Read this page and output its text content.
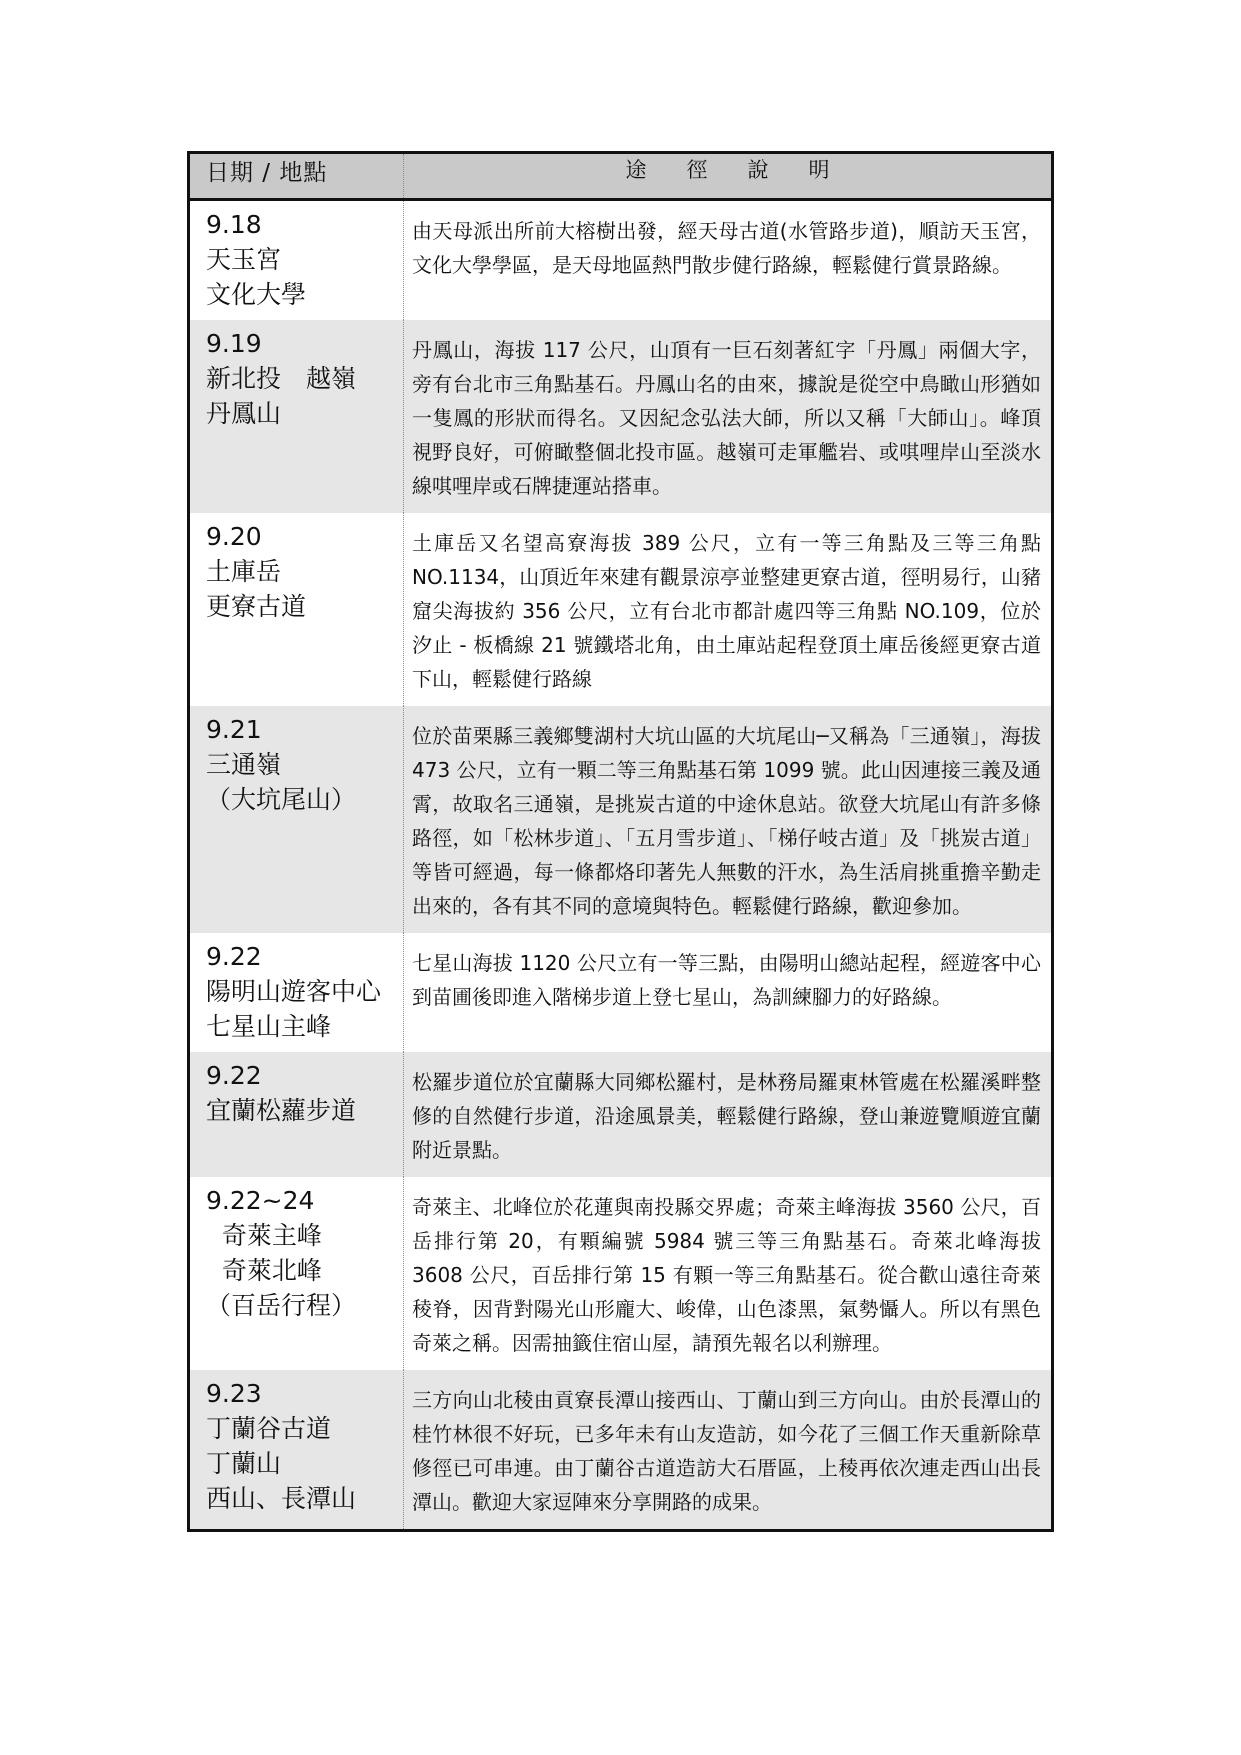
日期 / 地點	途徑說明

9.18
天玉宮
文化大學	由天母派出所前大榕樹出發，經天母古道(水管路步道)，順訪天玉宮，文化大學學區，是天母地區熱門散步健行路線，輕鬆健行賞景路線。

9.19
新北投　越嶺
丹鳳山	丹鳳山，海拔 117 公尺，山頂有一巨石刻著紅字「丹鳳」兩個大字，旁有台北市三角點基石。丹鳳山名的由來，據說是從空中鳥瞰山形猶如一隻鳳的形狀而得名。又因紀念弘法大師，所以又稱「大師山」。峰頂視野良好，可俯瞰整個北投市區。越嶺可走軍艦岩、或唭哩岸山至淡水線唭哩岸或石牌捷運站搭車。

9.20
土庫岳
更寮古道	土庫岳又名望高寮海拔 389 公尺，立有一等三角點及三等三角點 NO.1134，山頂近年來建有觀景涼亭並整建更寮古道，徑明易行，山豬窟尖海拔約 356 公尺，立有台北市都計處四等三角點 NO.109，位於汐止 - 板橋線 21 號鐵塔北角，由土庫站起程登頂土庫岳後經更寮古道下山，輕鬆健行路線

9.21
三通嶺
（大坑尾山）	位於苗栗縣三義鄉雙湖村大坑山區的大坑尾山─又稱為「三通嶺」，海拔 473 公尺，立有一顆二等三角點基石第 1099 號。此山因連接三義及通霄，故取名三通嶺，是挑炭古道的中途休息站。欲登大坑尾山有許多條路徑，如「松林步道」、「五月雪步道」、「梯仔岐古道」及「挑炭古道」等皆可經過，每一條都烙印著先人無數的汗水，為生活肩挑重擔辛勤走出來的，各有其不同的意境與特色。輕鬆健行路線，歡迎參加。

9.22
陽明山遊客中心
七星山主峰	七星山海拔 1120 公尺立有一等三點，由陽明山總站起程，經遊客中心到苗圃後即進入階梯步道上登七星山，為訓練腳力的好路線。

9.22
宜蘭松蘿步道	松羅步道位於宜蘭縣大同鄉松羅村，是林務局羅東林管處在松羅溪畔整修的自然健行步道，沿途風景美，輕鬆健行路線，登山兼遊覽順遊宜蘭附近景點。

9.22~24
奇萊主峰
奇萊北峰
（百岳行程）	奇萊主、北峰位於花蓮與南投縣交界處；奇萊主峰海拔 3560 公尺，百岳排行第 20，有顆編號 5984 號三等三角點基石。奇萊北峰海拔 3608 公尺，百岳排行第 15 有顆一等三角點基石。從合歡山遠往奇萊稜脊，因背對陽光山形龐大、峻偉，山色漆黑，氣勢懾人。所以有黑色奇萊之稱。因需抽籤住宿山屋，請預先報名以利辦理。

9.23
丁蘭谷古道
丁蘭山
西山、長潭山	三方向山北稜由貢寮長潭山接西山、丁蘭山到三方向山。由於長潭山的桂竹林很不好玩，已多年未有山友造訪，如今花了三個工作天重新除草修徑已可串連。由丁蘭谷古道造訪大石厝區，上稜再依次連走西山出長潭山。歡迎大家逗陣來分享開路的成果。
